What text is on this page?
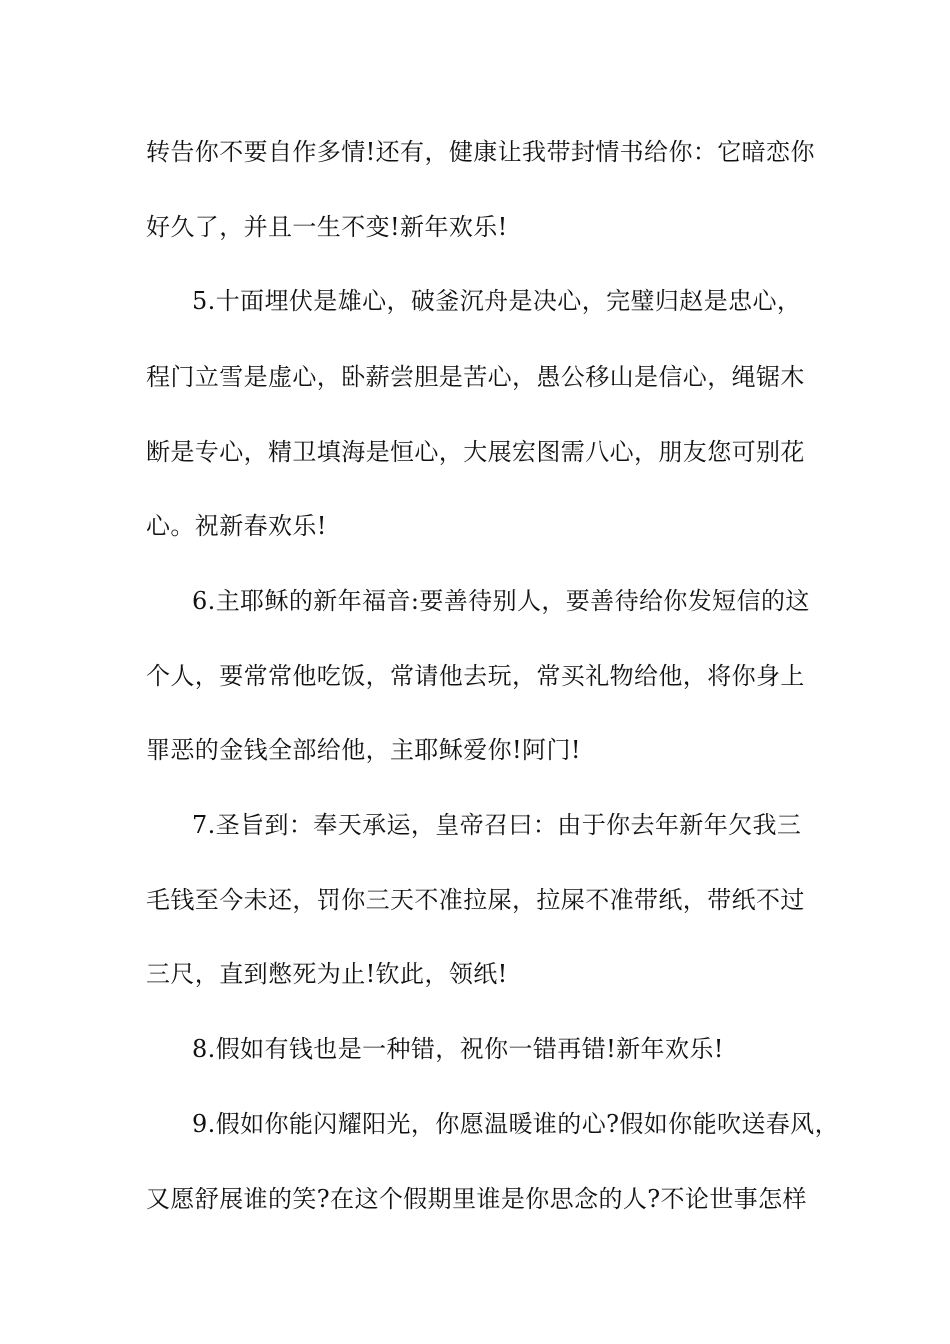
转告你不要自作多情!还有，健康让我带封情书给你：它暗恋你
好久了，并且一生不变!新年欢乐!
5.十面埋伏是雄心，破釜沉舟是决心，完璧归赵是忠心，
程门立雪是虚心，卧薪尝胆是苦心，愚公移山是信心，绳锯木
断是专心，精卫填海是恒心，大展宏图需八心，朋友您可别花
心。祝新春欢乐!
6.主耶稣的新年福音:要善待别人，要善待给你发短信的这
个人，要常常他吃饭，常请他去玩，常买礼物给他，将你身上
罪恶的金钱全部给他，主耶稣爱你!阿门!
7.圣旨到：奉天承运，皇帝召曰：由于你去年新年欠我三
毛钱至今未还，罚你三天不准拉屎，拉屎不准带纸，带纸不过
三尺，直到憋死为止!钦此，领纸!
8.假如有钱也是一种错，祝你一错再错!新年欢乐!
9.假如你能闪耀阳光，你愿温暖谁的心?假如你能吹送春风，
又愿舒展谁的笑?在这个假期里谁是你思念的人?不论世事怎样
